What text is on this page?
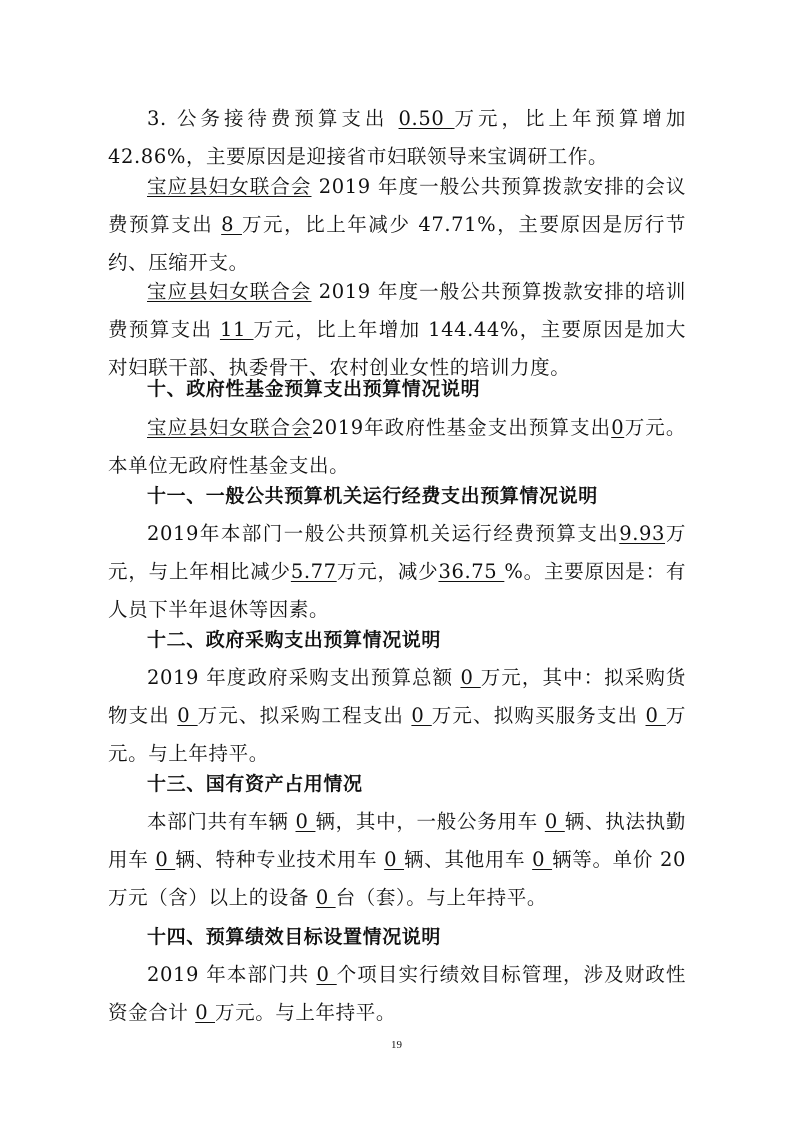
3. 公务接待费预算支出 0.50 万元，比上年预算增加 42.86%，主要原因是迎接省市妇联领导来宝调研工作。

宝应县妇女联合会 2019 年度一般公共预算拨款安排的会议费预算支出 8 万元，比上年减少 47.71%，主要原因是厉行节约、压缩开支。

宝应县妇女联合会 2019 年度一般公共预算拨款安排的培训费预算支出 11 万元，比上年增加 144.44%，主要原因是加大对妇联干部、执委骨干、农村创业女性的培训力度。

十、政府性基金预算支出预算情况说明

宝应县妇女联合会2019年政府性基金支出预算支出0万元。本单位无政府性基金支出。

十一、一般公共预算机关运行经费支出预算情况说明

2019年本部门一般公共预算机关运行经费预算支出9.93万元，与上年相比减少5.77万元，减少36.75 %。主要原因是：有人员下半年退休等因素。

十二、政府采购支出预算情况说明

2019 年度政府采购支出预算总额 0 万元，其中：拟采购货物支出 0 万元、拟采购工程支出 0 万元、拟购买服务支出 0 万元。与上年持平。

十三、国有资产占用情况

本部门共有车辆 0 辆，其中，一般公务用车 0 辆、执法执勤用车 0 辆、特种专业技术用车 0 辆、其他用车 0 辆等。单价 20 万元（含）以上的设备 0 台（套）。与上年持平。

十四、预算绩效目标设置情况说明

2019 年本部门共 0 个项目实行绩效目标管理，涉及财政性资金合计 0 万元。与上年持平。

19
